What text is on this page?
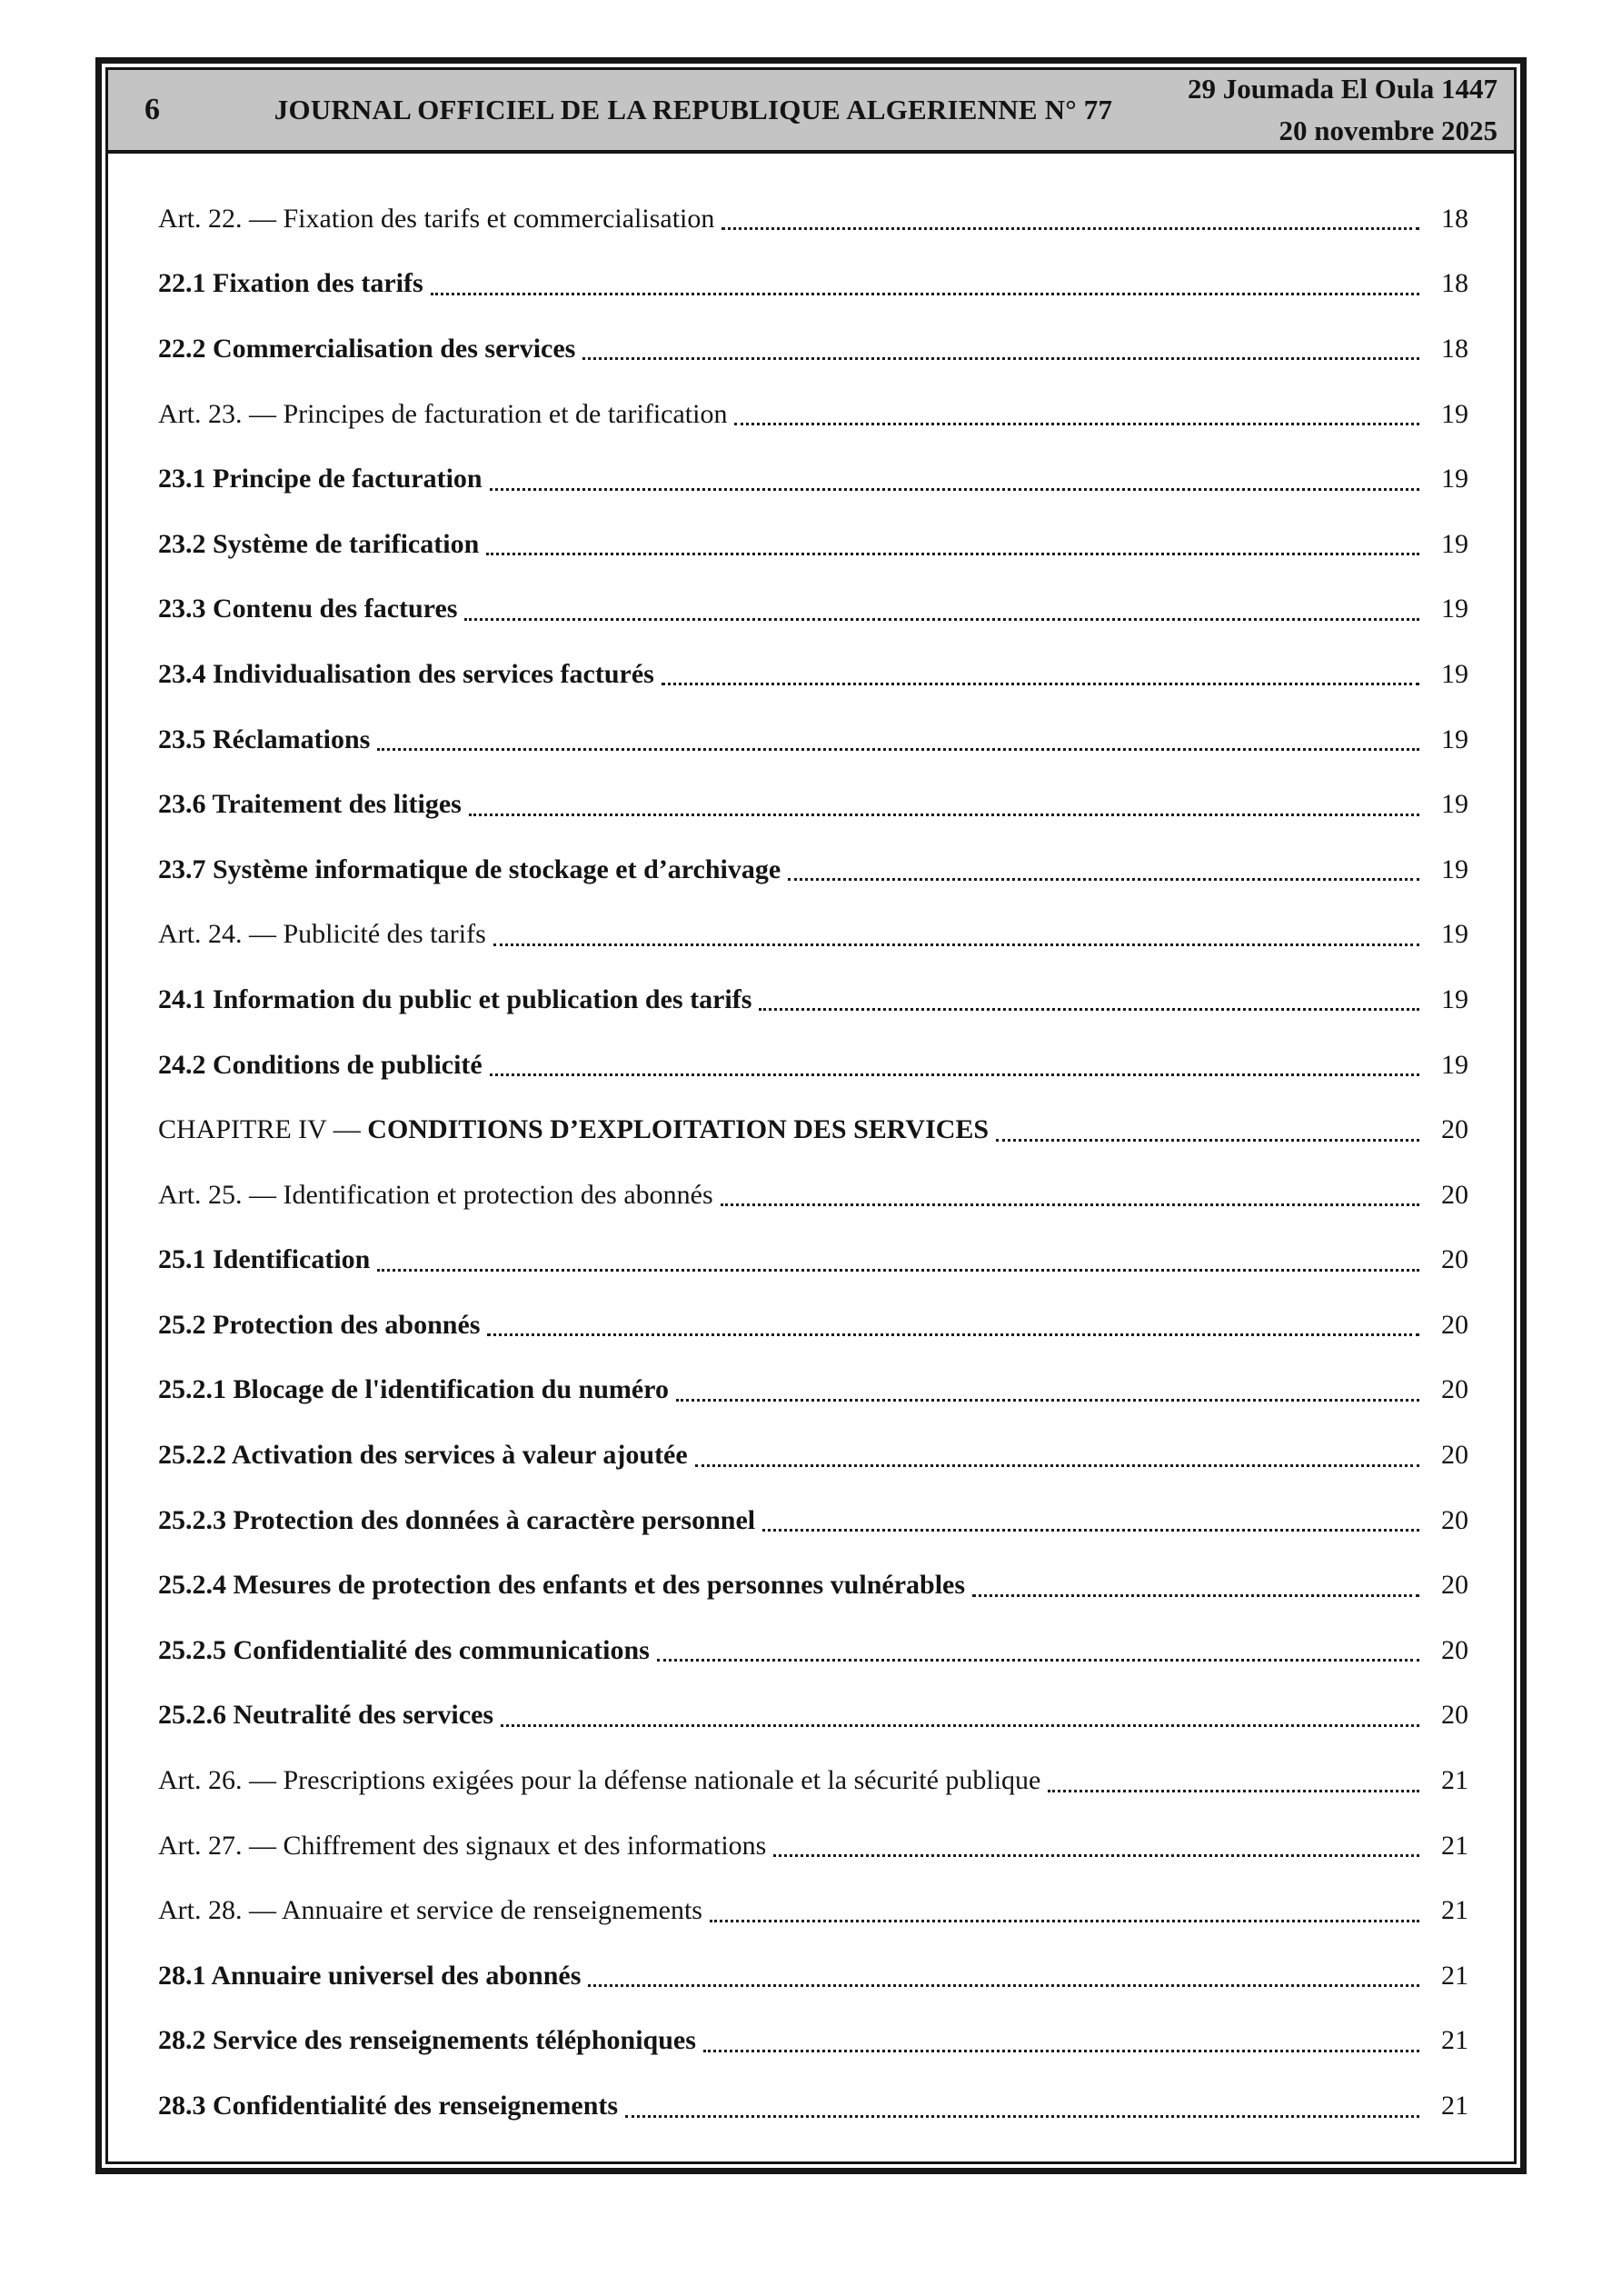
6	JOURNAL OFFICIEL DE LA REPUBLIQUE ALGERIENNE N° 77
29 Joumada El Oula 1447
20 novembre 2025
Art. 22. — Fixation des tarifs et commercialisation	18
22.1 Fixation des tarifs	18
22.2 Commercialisation des services	18
Art. 23. — Principes de facturation et de tarification	19
23.1 Principe de facturation	19
23.2 Système de tarification	19
23.3 Contenu des factures	19
23.4 Individualisation des services facturés	19
23.5 Réclamations	19
23.6 Traitement des litiges	19
23.7 Système informatique de stockage et d’archivage	19
Art. 24. — Publicité des tarifs	19
24.1 Information du public et publication des tarifs	19
24.2 Conditions de publicité	19
CHAPITRE IV — CONDITIONS D’EXPLOITATION DES SERVICES	20
Art. 25. — Identification et protection des abonnés	20
25.1 Identification	20
25.2 Protection des abonnés	20
25.2.1 Blocage de l'identification du numéro	20
25.2.2 Activation des services à valeur ajoutée	20
25.2.3 Protection des données à caractère personnel	20
25.2.4 Mesures de protection des enfants et des personnes vulnérables	20
25.2.5 Confidentialité des communications	20
25.2.6 Neutralité des services	20
Art. 26. — Prescriptions exigées pour la défense nationale et la sécurité publique	21
Art. 27. — Chiffrement des signaux et des informations	21
Art. 28. — Annuaire et service de renseignements	21
28.1 Annuaire universel des abonnés	21
28.2 Service des renseignements téléphoniques	21
28.3 Confidentialité des renseignements	21
